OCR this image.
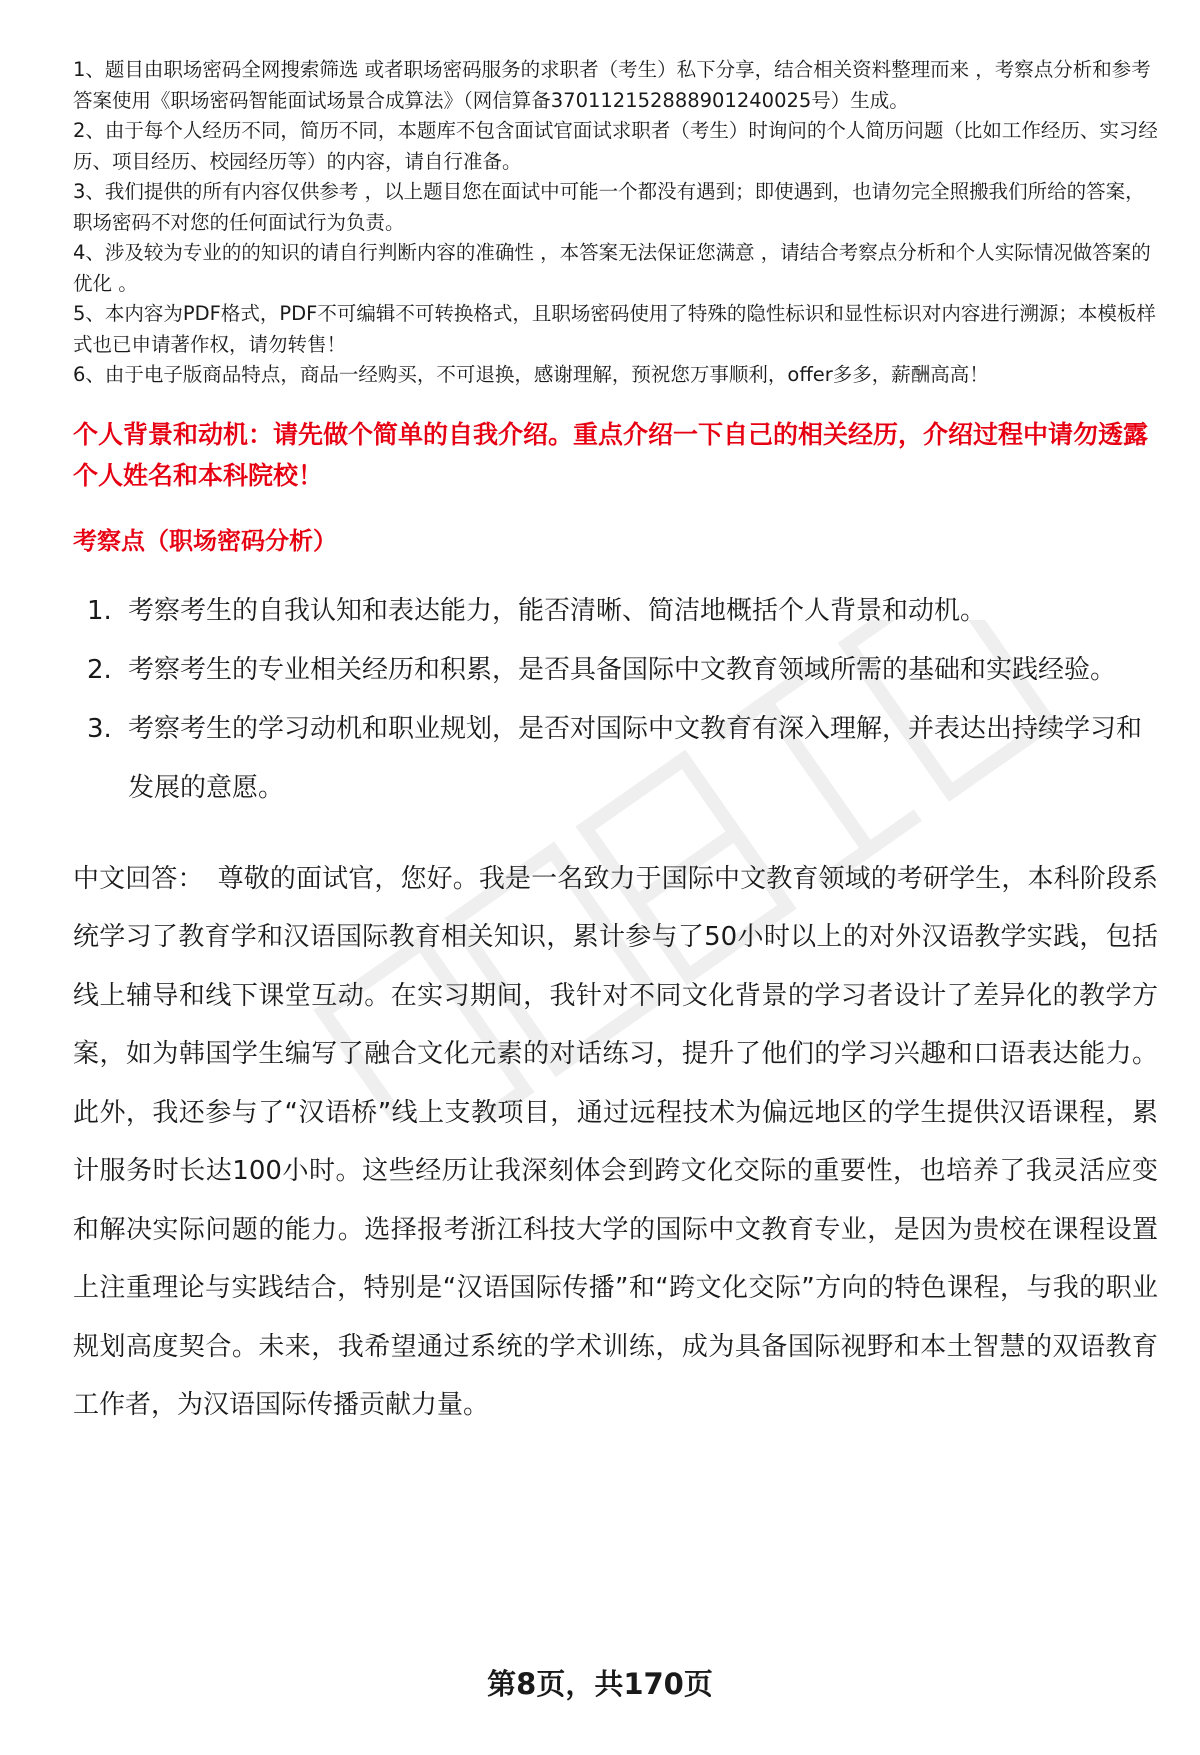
1、题目由职场密码全网搜索筛选 或者职场密码服务的求职者（考生）私下分享，结合相关资料整理而来 ，考察点分析和参考答案使用《职场密码智能面试场景合成算法》（网信算备370112152888901240025号）生成。

2、由于每个人经历不同，简历不同，本题库不包含面试官面试求职者（考生）时询问的个人简历问题（比如工作经历、实习经历、项目经历、校园经历等）的内容，请自行准备。

3、我们提供的所有内容仅供参考 ，以上题目您在面试中可能一个都没有遇到；即使遇到，也请勿完全照搬我们所给的答案，职场密码不对您的任何面试行为负责。

4、涉及较为专业的的知识的请自行判断内容的准确性 ，本答案无法保证您满意 ，请结合考察点分析和个人实际情况做答案的优化 。

5、本内容为PDF格式，PDF不可编辑不可转换格式，且职场密码使用了特殊的隐性标识和显性标识对内容进行溯源；本模板样式也已申请著作权，请勿转售！

6、由于电子版商品特点，商品一经购买，不可退换，感谢理解，预祝您万事顺利，offer多多，薪酬高高！

个人背景和动机：请先做个简单的自我介绍。重点介绍一下自己的相关经历，介绍过程中请勿透露个人姓名和本科院校！
考察点（职场密码分析）
1. 考察考生的自我认知和表达能力，能否清晰、简洁地概括个人背景和动机。
2. 考察考生的专业相关经历和积累，是否具备国际中文教育领域所需的基础和实践经验。
3. 考察考生的学习动机和职业规划，是否对国际中文教育有深入理解，并表达出持续学习和发展的意愿。
中文回答： 尊敬的面试官，您好。我是一名致力于国际中文教育领域的考研学生，本科阶段系统学习了教育学和汉语国际教育相关知识，累计参与了50小时以上的对外汉语教学实践，包括线上辅导和线下课堂互动。在实习期间，我针对不同文化背景的学习者设计了差异化的教学方案，如为韩国学生编写了融合文化元素的对话练习，提升了他们的学习兴趣和口语表达能力。此外，我还参与了“汉语桥”线上支教项目，通过远程技术为偏远地区的学生提供汉语课程，累计服务时长达100小时。这些经历让我深刻体会到跨文化交际的重要性，也培养了我灵活应变和解决实际问题的能力。选择报考浙江科技大学的国际中文教育专业，是因为贵校在课程设置上注重理论与实践结合，特别是“汉语国际传播”和“跨文化交际”方向的特色课程，与我的职业规划高度契合。未来，我希望通过系统的学术训练，成为具备国际视野和本土智慧的双语教育工作者，为汉语国际传播贡献力量。
第8页，共170页
